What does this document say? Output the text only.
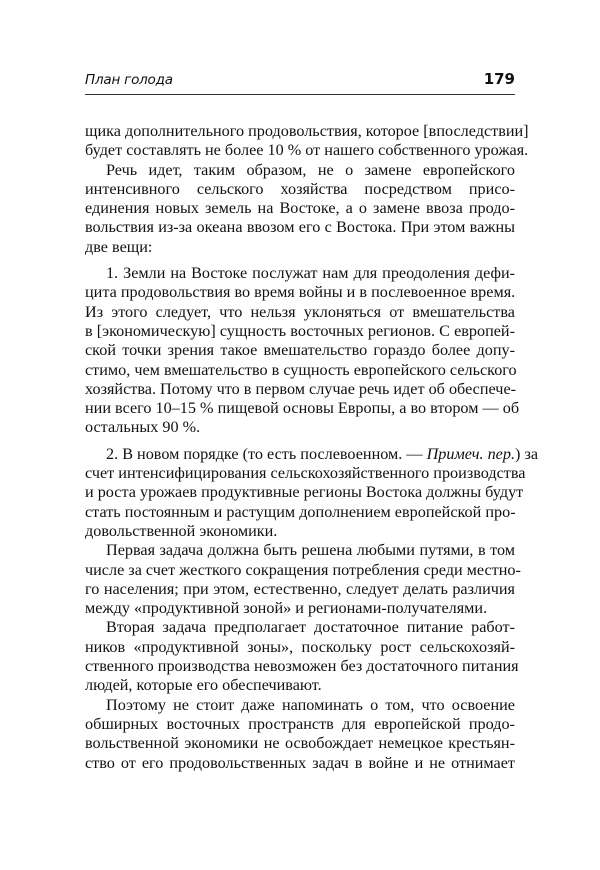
План голода	179
щика дополнительного продовольствия, которое [впоследствии]
будет составлять не более 10 % от нашего собственного урожая.
Речь идет, таким образом, не о замене европейского
интенсивного сельского хозяйства посредством присо-
единения новых земель на Востоке, а о замене ввоза продо-
вольствия из-за океана ввозом его с Востока. При этом важны
две вещи:
1. Земли на Востоке послужат нам для преодоления дефи-
цита продовольствия во время войны и в послевоенное время.
Из этого следует, что нельзя уклоняться от вмешательства
в [экономическую] сущность восточных регионов. С европей-
ской точки зрения такое вмешательство гораздо более допу-
стимо, чем вмешательство в сущность европейского сельского
хозяйства. Потому что в первом случае речь идет об обеспече-
нии всего 10–15 % пищевой основы Европы, а во втором — об
остальных 90 %.
2. В новом порядке (то есть послевоенном. — Примеч. пер.) за
счет интенсифицирования сельскохозяйственного производства
и роста урожаев продуктивные регионы Востока должны будут
стать постоянным и растущим дополнением европейской про-
довольственной экономики.
Первая задача должна быть решена любыми путями, в том
числе за счет жесткого сокращения потребления среди местно-
го населения; при этом, естественно, следует делать различия
между «продуктивной зоной» и регионами-получателями.
Вторая задача предполагает достаточное питание работ-
ников «продуктивной зоны», поскольку рост сельскохозяй-
ственного производства невозможен без достаточного питания
людей, которые его обеспечивают.
Поэтому не стоит даже напоминать о том, что освоение
обширных восточных пространств для европейской продо-
вольственной экономики не освобождает немецкое крестьян-
ство от его продовольственных задач в войне и не отнимает
